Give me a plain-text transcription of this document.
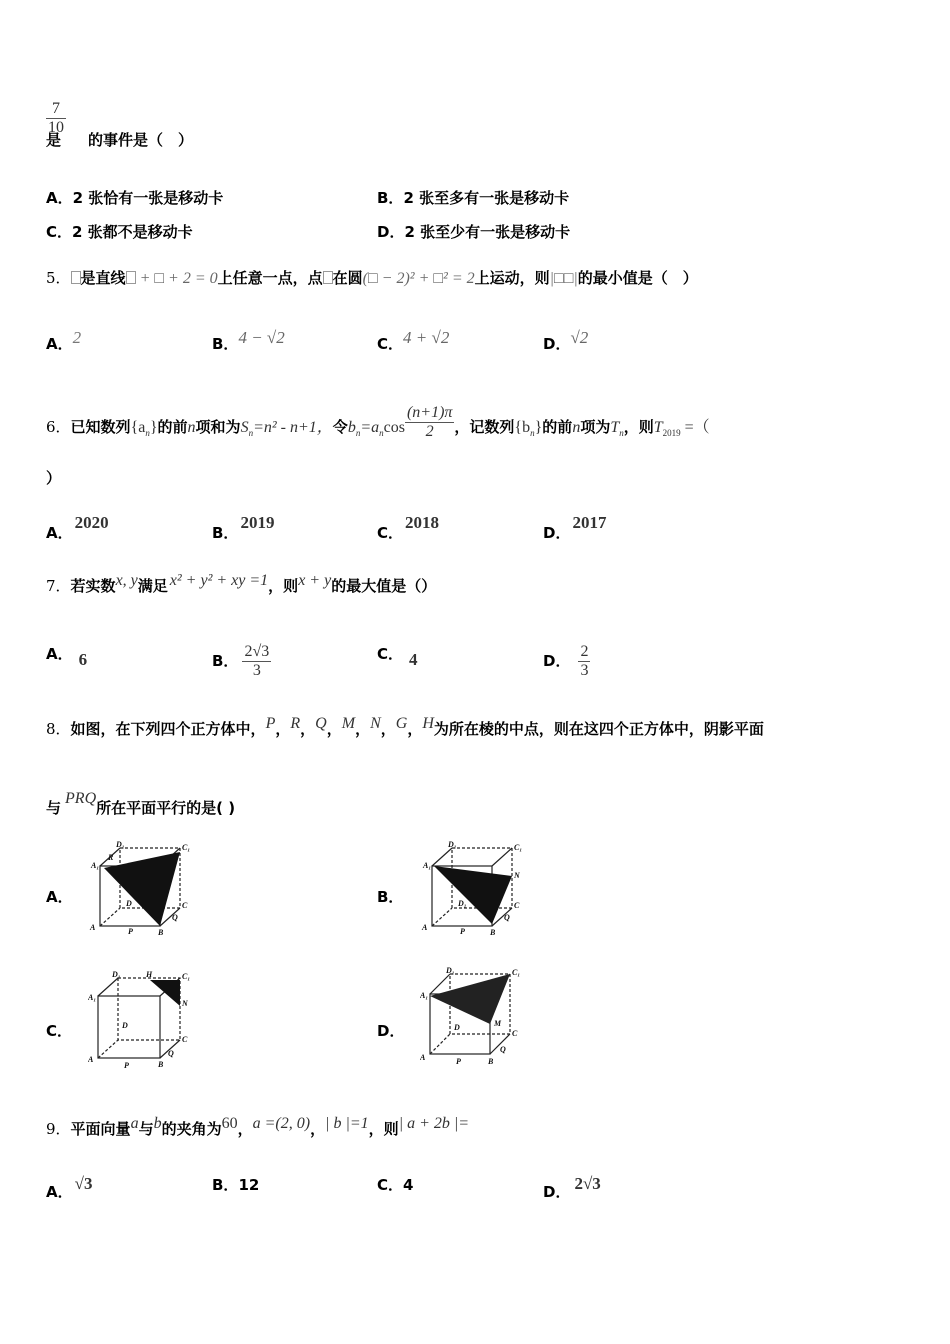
$\frac{7}{10}$
是 的事件是（　）
A．2 张恰有一张是移动卡	B．2 张至多有一张是移动卡
C．2 张都不是移动卡	D．2 张至少有一张是移动卡
5． 是直线 + □ + 2 = 0上任意一点，点 在圆(□ − 2)² + □² = 2上运动，则|□□|的最小值是（　）
A．2	B．4 − √2	C．4 + √2	D．√2
6．已知数列$\{a_n\}$的前n项和为$S_n=n^2 - n+1$，令$b_n=a_n\cos \frac{(n+1)\pi}{2}$ ，记数列$\{b_n\}$的前n项为$T_n$，则$T_{2019}$ =（
）
A．2020
B．2019
C．2018
D．2017
7．若实数x, y满足 x² + y² + xy =1，则x + y的最大值是（）
A． 6	B． $\frac{2√3}{3}$	C． 4	D． $\frac{2}{3}$
8．如图，在下列四个正方体中，P，R，Q，M，N，G，H为所在棱的中点，则在这四个正方体中，阴影平面
与PRQ所在平面平行的是( )
A．	B．
C．	D．
D₁	C₁
A₁
R
C
Q
A	P	B
D
D₁	C₁
A₁
N
C
Q
A	P	B
D₁
D₁	H	C₁
A₁
N
C
Q
A
P	B
D
D₁	C₁
A₁
M
C
Q
A	P	B
D
9．平面向量a与b的夹角为60，a =(2, 0)，| b |=1，则| a + 2b |=
A． √3	B．12	C．4	D． 2√3
